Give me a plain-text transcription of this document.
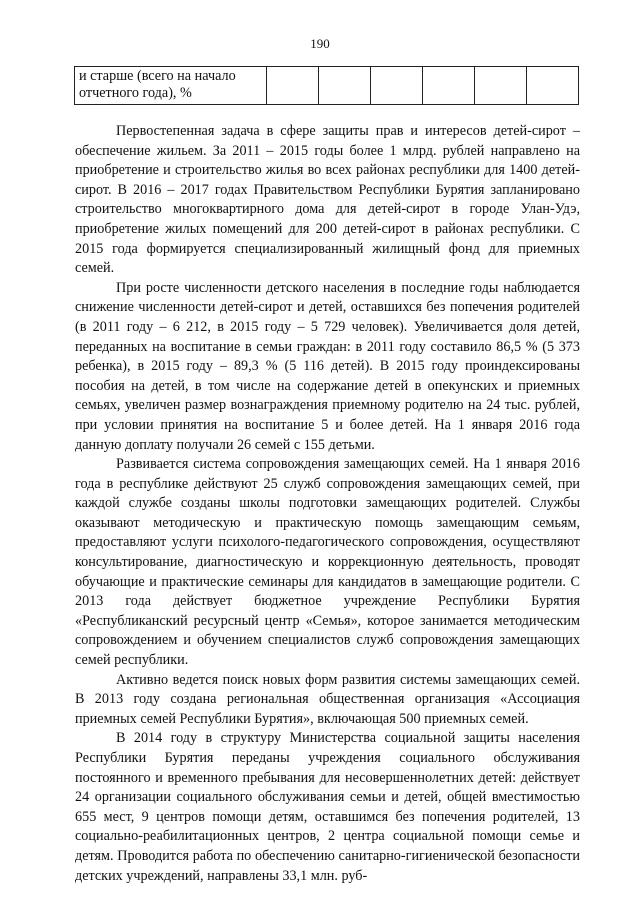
190
и старше (всего на начало
отчетного года), %

Первостепенная задача в сфере защиты прав и интересов детей-сирот – обеспечение жильем. За 2011 – 2015 годы более 1 млрд. рублей направлено на приобретение и строительство жилья во всех районах республики для 1400 детей-сирот. В 2016 – 2017 годах Правительством Республики Бурятия запланировано строительство многоквартирного дома для детей-сирот в городе Улан-Удэ, приобретение жилых помещений для 200 детей-сирот в районах республики. С 2015 года формируется специализированный жилищный фонд для приемных семей.

При росте численности детского населения в последние годы наблюдается снижение численности детей-сирот и детей, оставшихся без попечения родителей (в 2011 году – 6 212, в 2015 году – 5 729 человек). Увеличивается доля детей, переданных на воспитание в семьи граждан: в 2011 году составило 86,5 % (5 373 ребенка), в 2015 году – 89,3 % (5 116 детей). В 2015 году проиндексированы пособия на детей, в том числе на содержание детей в опекунских и приемных семьях, увеличен размер вознаграждения приемному родителю на 24 тыс. рублей, при условии принятия на воспитание 5 и более детей. На 1 января 2016 года данную доплату получали 26 семей с 155 детьми.

Развивается система сопровождения замещающих семей. На 1 января 2016 года в республике действуют 25 служб сопровождения замещающих семей, при каждой службе созданы школы подготовки замещающих родителей. Службы оказывают методическую и практическую помощь замещающим семьям, предоставляют услуги психолого-педагогического сопровождения, осуществляют консультирование, диагностическую и коррекционную деятельность, проводят обучающие и практические семинары для кандидатов в замещающие родители. С 2013 года действует бюджетное учреждение Республики Бурятия «Республиканский ресурсный центр «Семья», которое занимается методическим сопровождением и обучением специалистов служб сопровождения замещающих семей республики.

Активно ведется поиск новых форм развития системы замещающих семей. В 2013 году создана региональная общественная организация «Ассоциация приемных семей Республики Бурятия», включающая 500 приемных семей.

В 2014 году в структуру Министерства социальной защиты населения Республики Бурятия переданы учреждения социального обслуживания постоянного и временного пребывания для несовершеннолетних детей: действует 24 организации социального обслуживания семьи и детей, общей вместимостью 655 мест, 9 центров помощи детям, оставшимся без попечения родителей, 13 социально-реабилитационных центров, 2 центра социальной помощи семье и детям. Проводится работа по обеспечению санитарно-гигиенической безопасности детских учреждений, направлены 33,1 млн. руб-
